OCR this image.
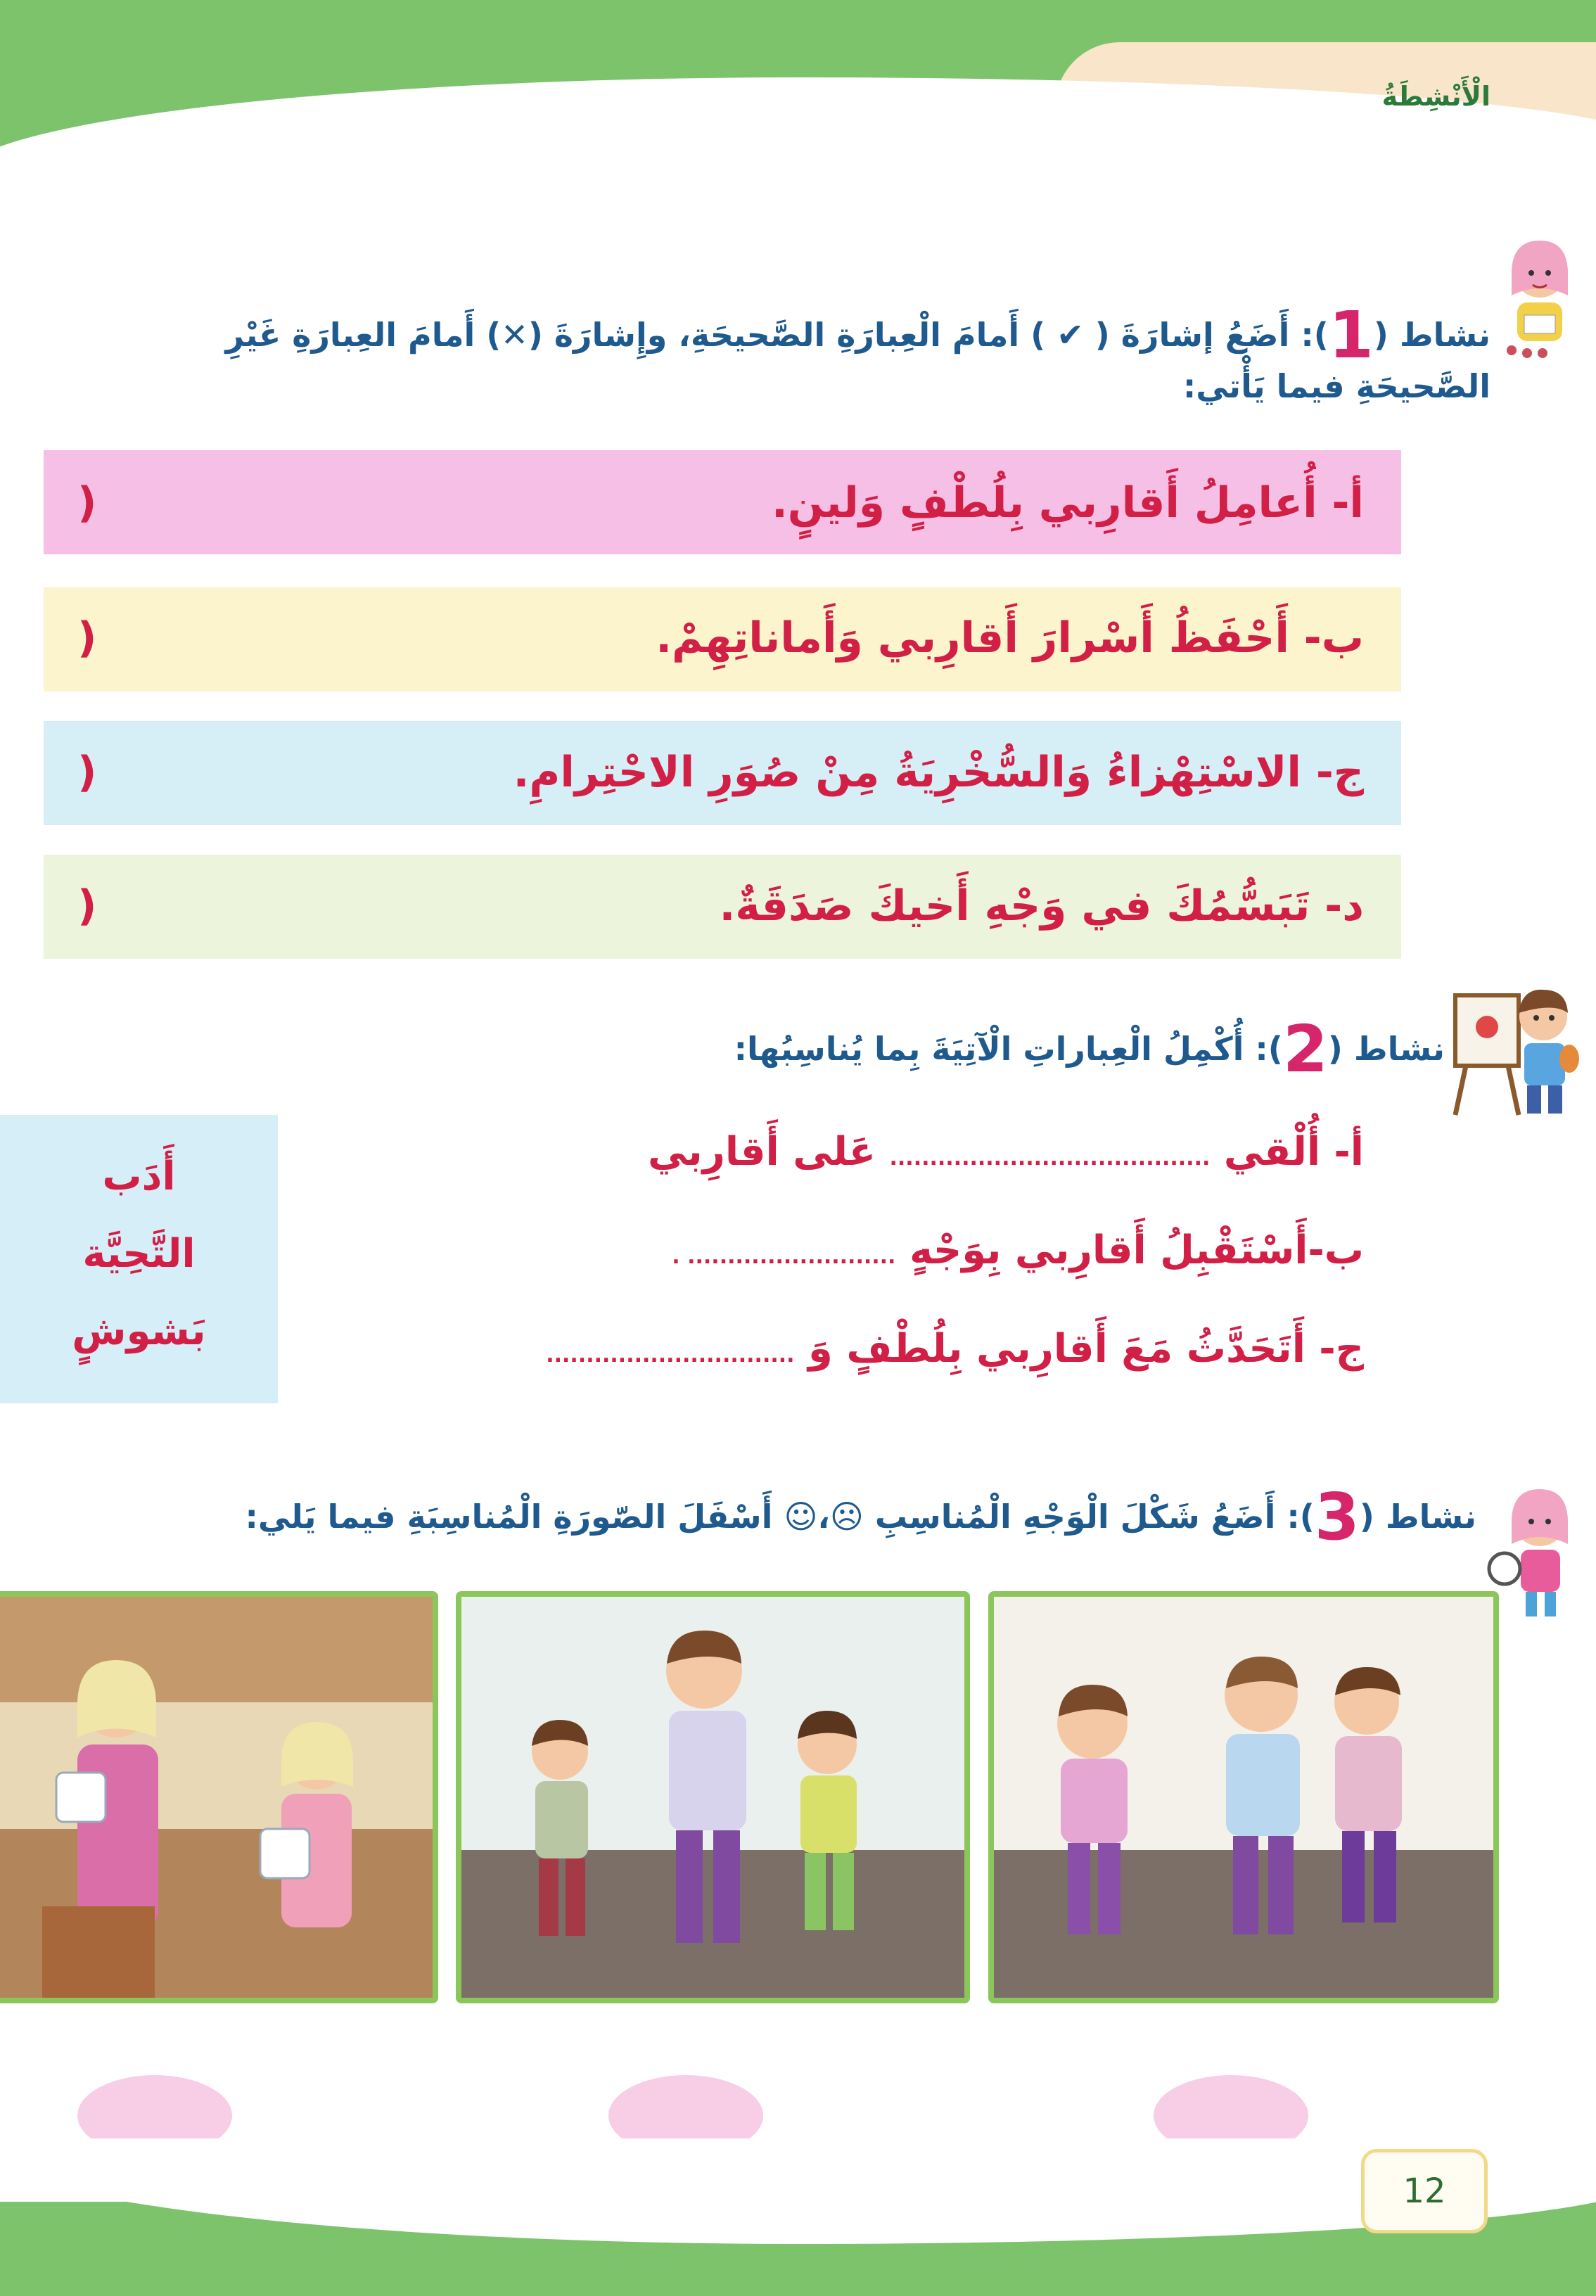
الْأَنْشِطَةُ
نشاط (1): أَضَعُ إشارَةَ ( ✔ ) أَمامَ الْعِبارَةِ الصَّحيحَةِ، وإِشارَةَ (✕) أَمامَ العِبارَةِ غَيْرِ الصَّحيحَةِ فيما يَأْتي:
أ- أُعامِلُ أَقارِبي بِلُطْفٍ وَلينٍ.
(
ب- أَحْفَظُ أَسْرارَ أَقارِبي وَأَماناتِهِمْ.
(
ج- الاسْتِهْزاءُ وَالسُّخْرِيَةُ مِنْ صُوَرِ الاحْتِرامِ.
(
د- تَبَسُّمُكَ في وَجْهِ أَخيكَ صَدَقَةٌ.
(
نشاط (2): أُكْمِلُ الْعِباراتِ الْآتِيَةَ بِما يُناسِبُها:
أ- أُلْقي ........................................ عَلى أَقارِبي
ب-أَسْتَقْبِلُ أَقارِبي بِوَجْهٍ .......................... .
ج- أَتَحَدَّثُ مَعَ أَقارِبي بِلُطْفٍ وَ ...............................
أَدَب
التَّحِيَّة
بَشوشٍ
نشاط (3): أَضَعُ شَكْلَ الْوَجْهِ الْمُناسِبِ ☹،☺ أَسْفَلَ الصّورَةِ الْمُناسِبَةِ فيما يَلي:
12
